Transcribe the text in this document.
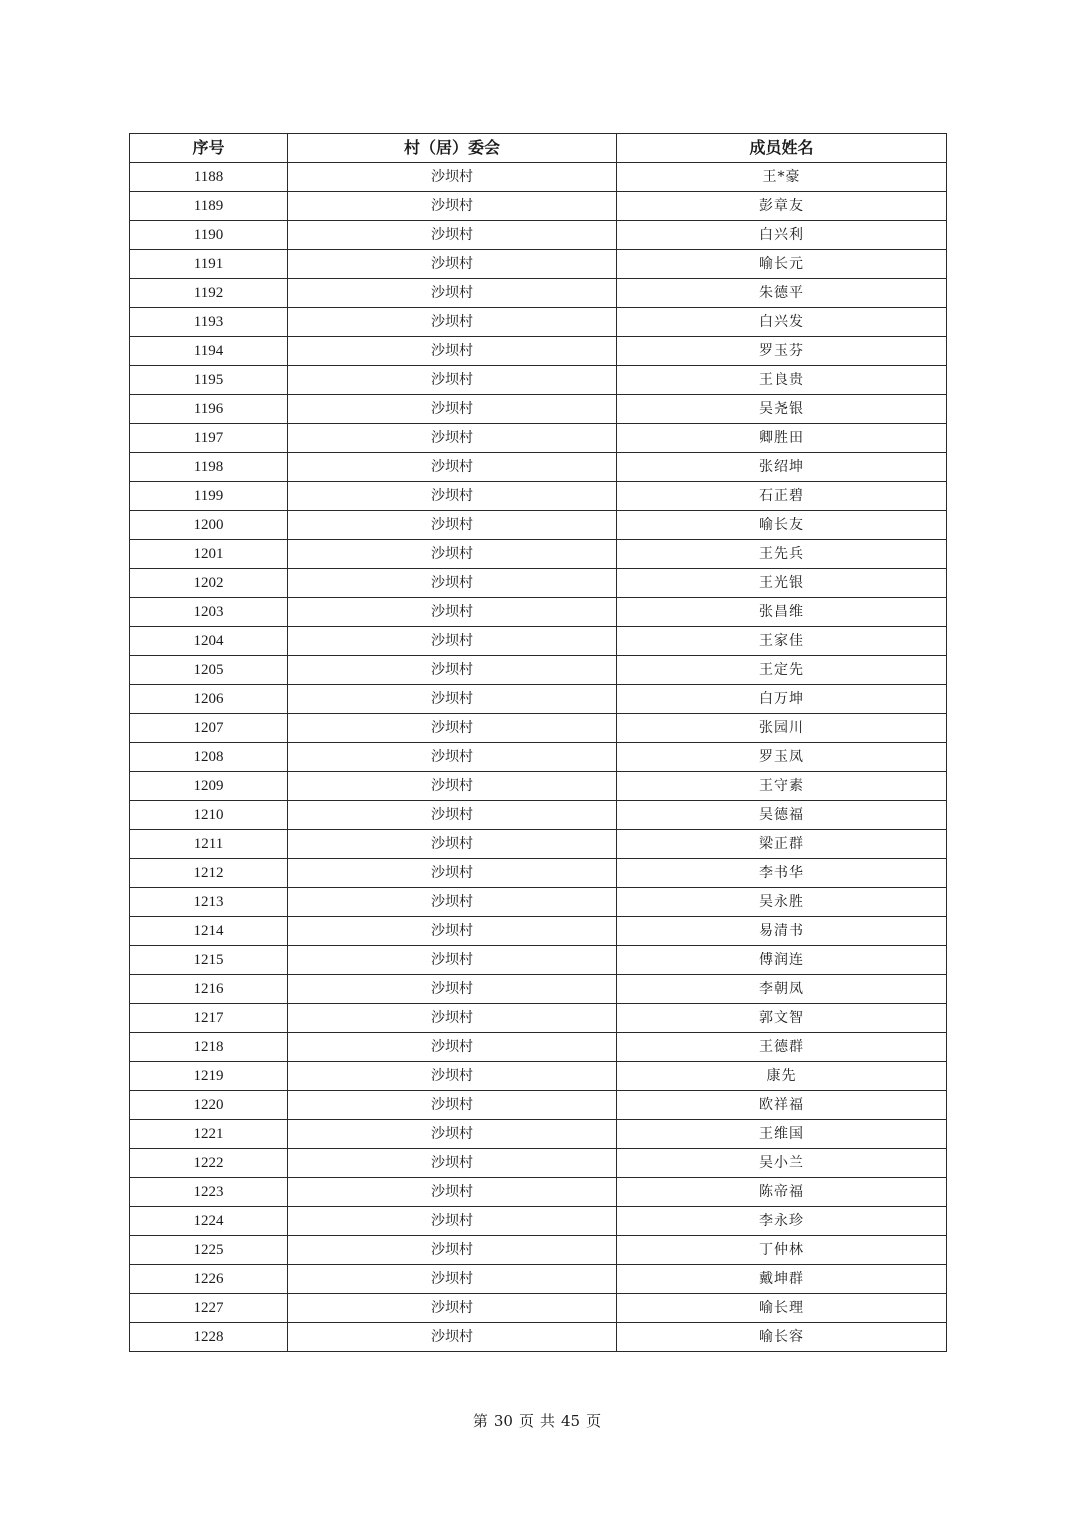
序号	村（居）委会	成员姓名
1188	沙坝村	王*豪
1189	沙坝村	彭章友
1190	沙坝村	白兴利
1191	沙坝村	喻长元
1192	沙坝村	朱德平
1193	沙坝村	白兴发
1194	沙坝村	罗玉芬
1195	沙坝村	王良贵
1196	沙坝村	吴尧银
1197	沙坝村	卿胜田
1198	沙坝村	张绍坤
1199	沙坝村	石正碧
1200	沙坝村	喻长友
1201	沙坝村	王先兵
1202	沙坝村	王光银
1203	沙坝村	张昌维
1204	沙坝村	王家佳
1205	沙坝村	王定先
1206	沙坝村	白万坤
1207	沙坝村	张园川
1208	沙坝村	罗玉凤
1209	沙坝村	王守素
1210	沙坝村	吴德福
1211	沙坝村	梁正群
1212	沙坝村	李书华
1213	沙坝村	吴永胜
1214	沙坝村	易清书
1215	沙坝村	傅润连
1216	沙坝村	李朝凤
1217	沙坝村	郭文智
1218	沙坝村	王德群
1219	沙坝村	康先
1220	沙坝村	欧祥福
1221	沙坝村	王维国
1222	沙坝村	吴小兰
1223	沙坝村	陈帝福
1224	沙坝村	李永珍
1225	沙坝村	丁仲林
1226	沙坝村	戴坤群
1227	沙坝村	喻长理
1228	沙坝村	喻长容
第 30 页 共 45 页
